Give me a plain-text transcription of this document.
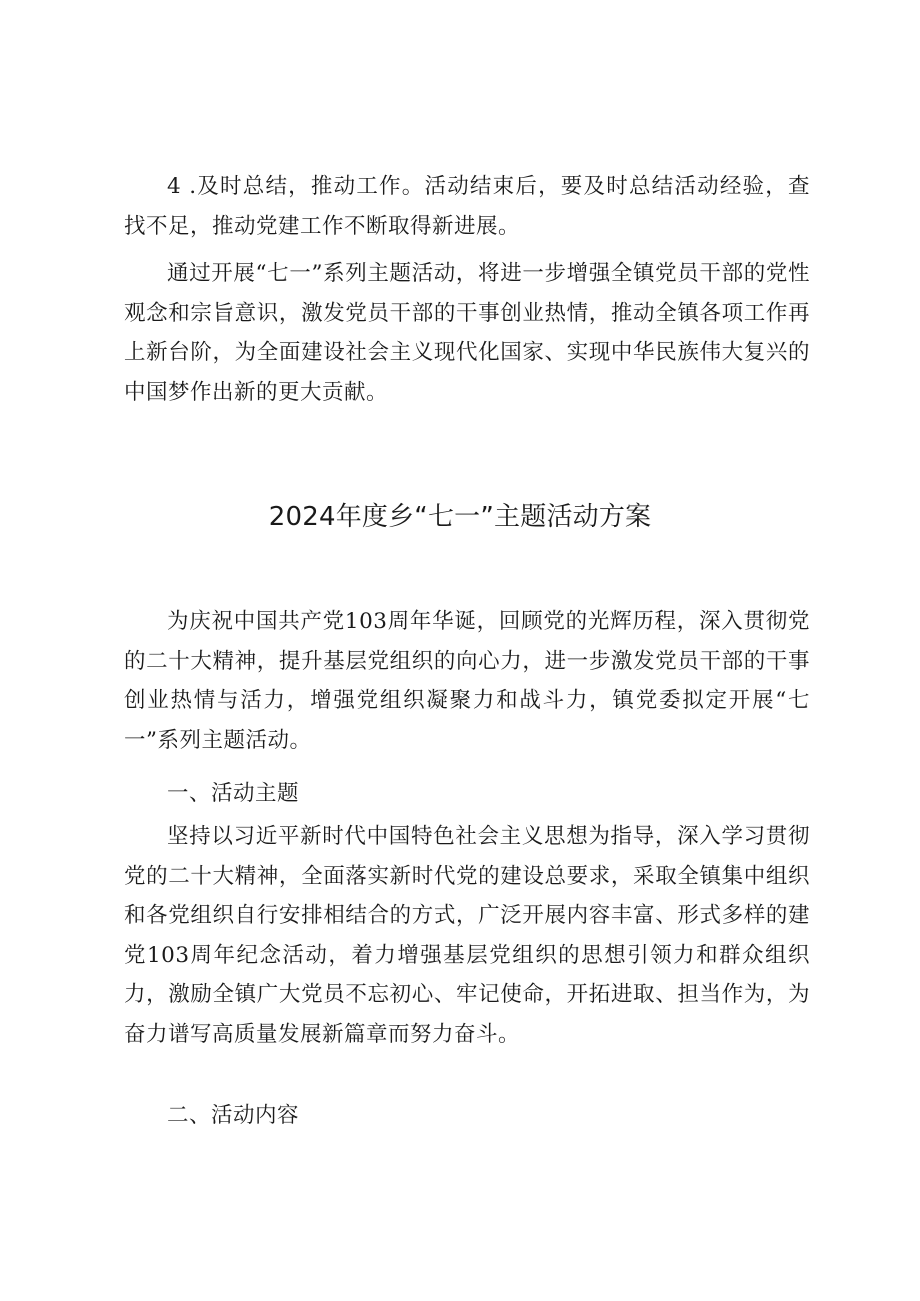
4 .及时总结，推动工作。活动结束后，要及时总结活动经验，查找不足，推动党建工作不断取得新进展。

通过开展“七一”系列主题活动，将进一步增强全镇党员干部的党性观念和宗旨意识，激发党员干部的干事创业热情，推动全镇各项工作再上新台阶，为全面建设社会主义现代化国家、实现中华民族伟大复兴的中国梦作出新的更大贡献。

2024年度乡“七一”主题活动方案

为庆祝中国共产党103周年华诞，回顾党的光辉历程，深入贯彻党的二十大精神，提升基层党组织的向心力，进一步激发党员干部的干事创业热情与活力，增强党组织凝聚力和战斗力，镇党委拟定开展“七一”系列主题活动。

一、活动主题

坚持以习近平新时代中国特色社会主义思想为指导，深入学习贯彻党的二十大精神，全面落实新时代党的建设总要求，采取全镇集中组织和各党组织自行安排相结合的方式，广泛开展内容丰富、形式多样的建党103周年纪念活动，着力增强基层党组织的思想引领力和群众组织力，激励全镇广大党员不忘初心、牢记使命，开拓进取、担当作为，为奋力谱写高质量发展新篇章而努力奋斗。

二、活动内容
